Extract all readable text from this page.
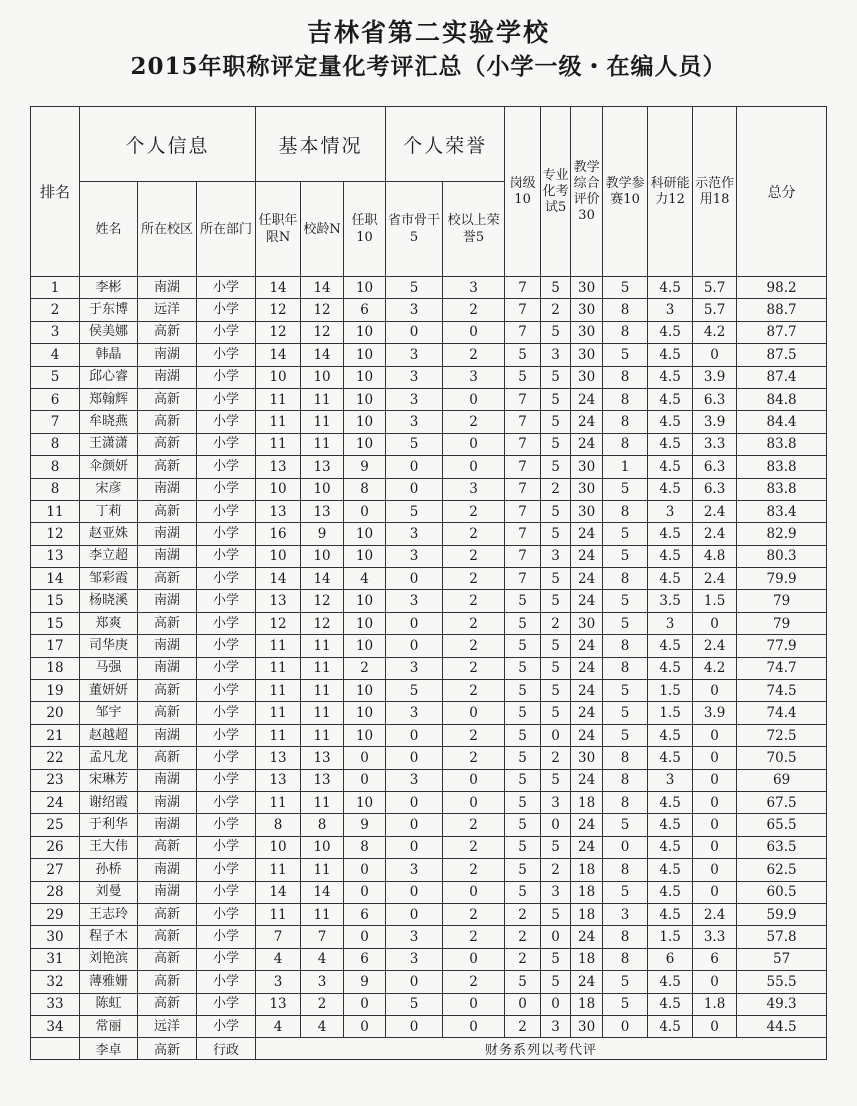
吉林省第二实验学校
2015年职称评定量化考评汇总（小学一级・在编人员）
排名	个人信息			基本情况			个人荣誉		岗级10	专业化考试5	教学综合评价30	教学参赛10	科研能力12	示范作用18	总分
	姓名	所在校区	所在部门	任职年限N	校龄N	任职10	省市骨干5	校以上荣誉5							
1	李彬	南湖	小学	14	14	10	5	3	7	5	30	5	4.5	5.7	98.2
2	于东博	远洋	小学	12	12	6	3	2	7	2	30	8	3	5.7	88.7
3	侯美娜	高新	小学	12	12	10	0	0	7	5	30	8	4.5	4.2	87.7
4	韩晶	南湖	小学	14	14	10	3	2	5	3	30	5	4.5	0	87.5
5	邱心睿	南湖	小学	10	10	10	3	3	5	5	30	8	4.5	3.9	87.4
6	郑翰辉	高新	小学	11	11	10	3	0	7	5	24	8	4.5	6.3	84.8
7	牟晓燕	高新	小学	11	11	10	3	2	7	5	24	8	4.5	3.9	84.4
8	王潇潇	高新	小学	11	11	10	5	0	7	5	24	8	4.5	3.3	83.8
8	伞颜妍	高新	小学	13	13	9	0	0	7	5	30	1	4.5	6.3	83.8
8	宋彦	南湖	小学	10	10	8	0	3	7	2	30	5	4.5	6.3	83.8
11	丁莉	高新	小学	13	13	0	5	2	7	5	30	8	3	2.4	83.4
12	赵亚姝	南湖	小学	16	9	10	3	2	7	5	24	5	4.5	2.4	82.9
13	李立超	南湖	小学	10	10	10	3	2	7	3	24	5	4.5	4.8	80.3
14	邹彩霞	高新	小学	14	14	4	0	2	7	5	24	8	4.5	2.4	79.9
15	杨晓溪	南湖	小学	13	12	10	3	2	5	5	24	5	3.5	1.5	79
15	郑爽	高新	小学	12	12	10	0	2	5	2	30	5	3	0	79
17	司华庚	南湖	小学	11	11	10	0	2	5	5	24	8	4.5	2.4	77.9
18	马强	南湖	小学	11	11	2	3	2	5	5	24	8	4.5	4.2	74.7
19	董妍妍	高新	小学	11	11	10	5	2	5	5	24	5	1.5	0	74.5
20	邹宇	高新	小学	11	11	10	3	0	5	5	24	5	1.5	3.9	74.4
21	赵越超	南湖	小学	11	11	10	0	2	5	0	24	5	4.5	0	72.5
22	孟凡龙	高新	小学	13	13	0	0	2	5	2	30	8	4.5	0	70.5
23	宋琳芳	南湖	小学	13	13	0	3	0	5	5	24	8	3	0	69
24	谢绍霞	南湖	小学	11	11	10	0	0	5	3	18	8	4.5	0	67.5
25	于利华	南湖	小学	8	8	9	0	2	5	0	24	5	4.5	0	65.5
26	王大伟	高新	小学	10	10	8	0	2	5	5	24	0	4.5	0	63.5
27	孙桥	南湖	小学	11	11	0	3	2	5	2	18	8	4.5	0	62.5
28	刘曼	南湖	小学	14	14	0	0	0	5	3	18	5	4.5	0	60.5
29	王志玲	高新	小学	11	11	6	0	2	2	5	18	3	4.5	2.4	59.9
30	程子木	高新	小学	7	7	0	3	2	2	0	24	8	1.5	3.3	57.8
31	刘艳滨	高新	小学	4	4	6	3	0	2	5	18	8	6	6	57
32	薄雅姗	高新	小学	3	3	9	0	2	5	5	24	5	4.5	0	55.5
33	陈虹	高新	小学	13	2	0	5	0	0	0	18	5	4.5	1.8	49.3
34	常丽	远洋	小学	4	4	0	0	0	2	3	30	0	4.5	0	44.5
	李卓	高新	行政	财务系列以考代评											
